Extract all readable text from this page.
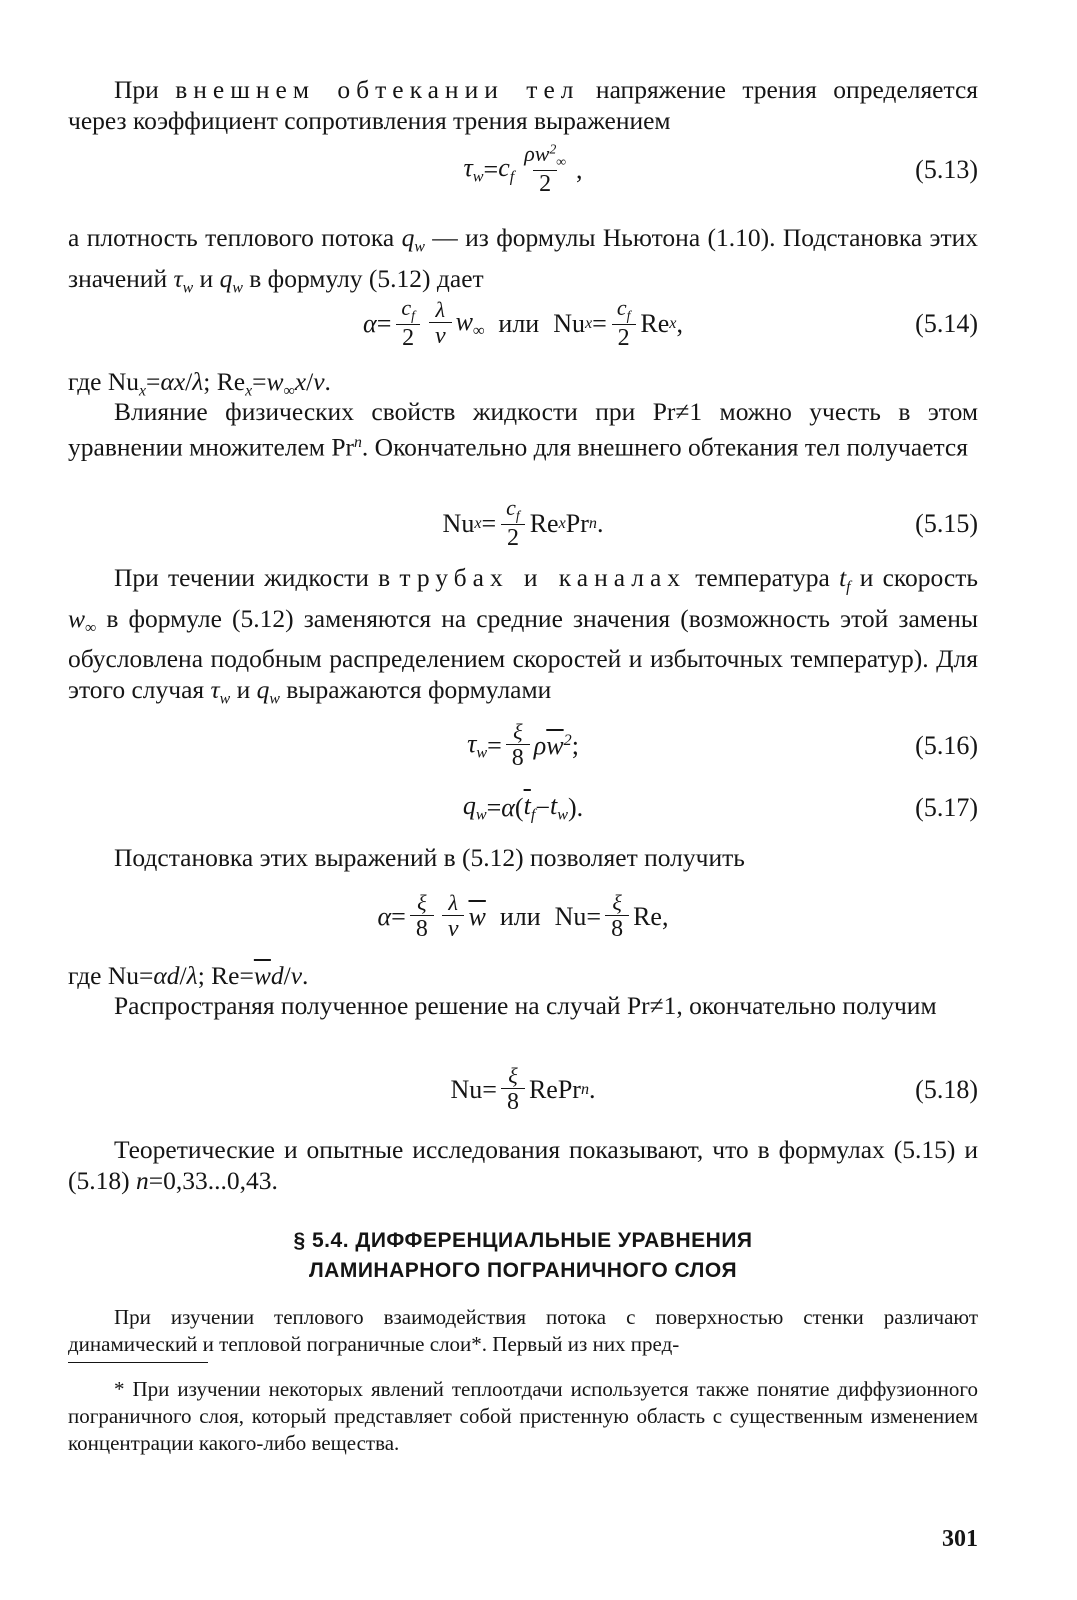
При внешнем обтекании тел напряжение трения определяется через коэффициент сопротивления трения выражением

$\tau_w = c_f \frac{\rho w^2_\infty}{2}$ ,	(5.13)

а плотность теплового потока $q_w$ — из формулы Ньютона (1.10). Подстановка этих значений $\tau_w$ и $q_w$ в формулу (5.12) дает

$\alpha = \frac{c_f}{2} \frac{\lambda}{\nu} w_\infty$ или Nu $x = \frac{c_f}{2}$ Re x ,	(5.14)

где $Nu_x=\alpha x/\lambda$; $Re_x=w_\infty x/\nu$.

Влияние физических свойств жидкости при Pr≠1 можно учесть в этом уравнении множителем Pr$^n$. Окончательно для внешнего обтекания тел получается

Nu $x = \frac{c_f}{2}$ Re x Pr n .	(5.15)

При течении жидкости в трубах и каналах температура $t_f$ и скорость $w_\infty$ в формуле (5.12) заменяются на средние значения (возможность этой замены обусловлена подобным распределением скоростей и избыточных температур). Для этого случая $\tau_w$ и $q_w$ выражаются формулами

$\tau_w = \frac{\xi}{8} \rho\overline{w}^2$ ;	(5.16)
$q_w = \alpha$ ( $\overline{t}_f - t_w$ ).	(5.17)

Подстановка этих выражений в (5.12) позволяет получить

$\alpha = \frac{\xi}{8} \frac{\lambda}{\nu} \overline{w}$ или $Nu= \frac{\xi}{8} Re$,

где Nu=αd/λ; $Re=\overline{w}d/\nu$.

Распространяя полученное решение на случай Pr≠1, окончательно получим

$Nu= \frac{\xi}{8}$ RePr n .	(5.18)

Теоретические и опытные исследования показывают, что в формулах (5.15) и (5.18) n=0,33...0,43.

§ 5.4. ДИФФЕРЕНЦИАЛЬНЫЕ УРАВНЕНИЯ
ЛАМИНАРНОГО ПОГРАНИЧНОГО СЛОЯ

При изучении теплового взаимодействия потока с поверхностью стенки различают динамический и тепловой пограничные слои*. Первый из них пред-

* При изучении некоторых явлений теплоотдачи используется также понятие диффузионного пограничного слоя, который представляет собой пристенную область с существенным изменением концентрации какого-либо вещества.

301
